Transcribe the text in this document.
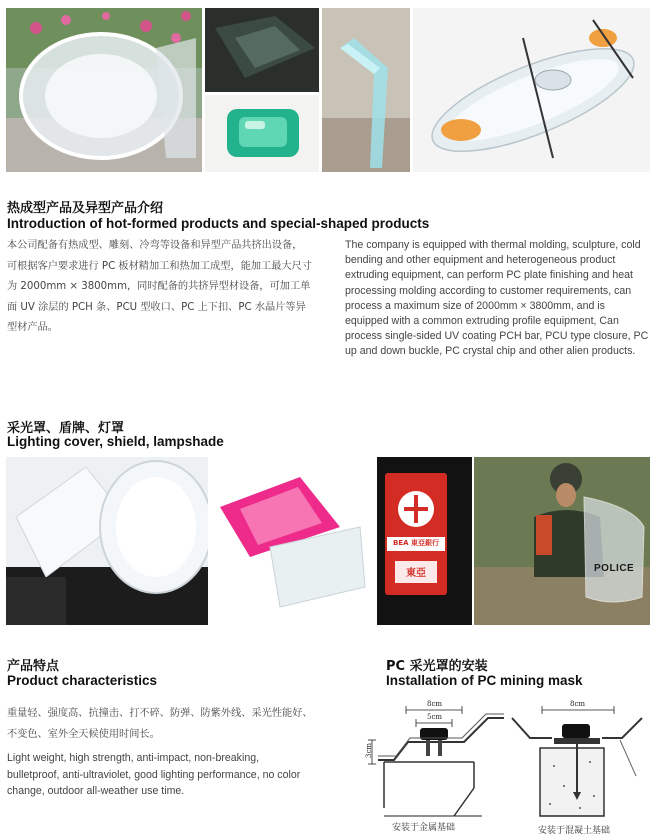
热成型产品及异型产品介绍
Introduction of hot-formed products and special-shaped products
本公司配备有热成型、雕刻、冷弯等设备和异型产品共挤出设备，可根据客户要求进行 PC 板材精加工和热加工成型，能加工最大尺寸为 2000mm × 3800mm，同时配备的共挤异型材设备，可加工单面 UV 涂层的 PCH 条、PCU 型收口、PC 上下扣、PC 水晶片等异型材产品。
The company is equipped with thermal molding, sculpture, cold bending and other equipment and heterogeneous product extruding equipment, can perform PC plate finishing and heat processing molding according to customer requirements, can process a maximum size of 2000mm × 3800mm, and is equipped with a common extruding profile equipment, Can process single-sided UV coating PCH bar, PCU type closure, PC up and down buckle, PC crystal chip and other alien products.
采光罩、盾牌、灯罩
Lighting cover, shield, lampshade
BEA 東亞銀行
東亞	POLICE
产品特点
Product characteristics
重量轻、强度高、抗撞击、打不碎、防弹、防紫外线、采光性能好、不变色、室外全天候使用时间长。
Light weight, high strength, anti-impact, non-breaking, bulletproof, anti-ultraviolet, good lighting performance, no color change, outdoor all-weather use time.
PC 采光罩的安装
Installation of PC mining mask
8cm
5cm
3cm
8cm
安装于金属基础	安装于混凝土基础
